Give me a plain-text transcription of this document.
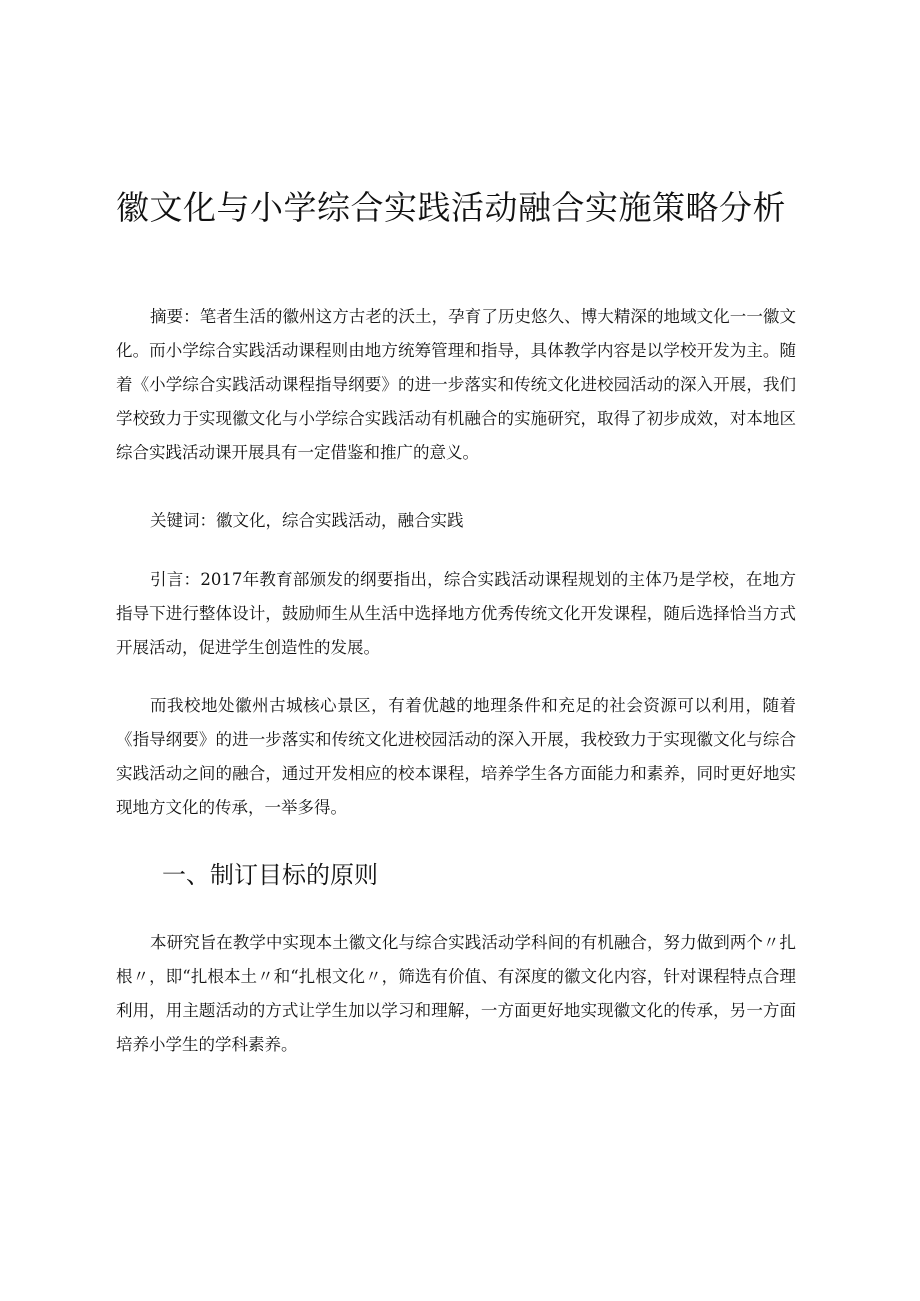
徽文化与小学综合实践活动融合实施策略分析

摘要：笔者生活的徽州这方古老的沃土，孕育了历史悠久、博大精深的地域文化一一徽文化。而小学综合实践活动课程则由地方统筹管理和指导，具体教学内容是以学校开发为主。随着《小学综合实践活动课程指导纲要》的进一步落实和传统文化进校园活动的深入开展，我们学校致力于实现徽文化与小学综合实践活动有机融合的实施研究，取得了初步成效，对本地区综合实践活动课开展具有一定借鉴和推广的意义。

关键词：徽文化，综合实践活动，融合实践

引言：2017年教育部颁发的纲要指出，综合实践活动课程规划的主体乃是学校，在地方指导下进行整体设计，鼓励师生从生活中选择地方优秀传统文化开发课程，随后选择恰当方式开展活动，促进学生创造性的发展。

而我校地处徽州古城核心景区，有着优越的地理条件和充足的社会资源可以利用，随着《指导纲要》的进一步落实和传统文化进校园活动的深入开展，我校致力于实现徽文化与综合实践活动之间的融合，通过开发相应的校本课程，培养学生各方面能力和素养，同时更好地实现地方文化的传承，一举多得。

一、制订目标的原则

本研究旨在教学中实现本土徽文化与综合实践活动学科间的有机融合，努力做到两个〃扎根〃，即“扎根本土〃和“扎根文化〃，筛选有价值、有深度的徽文化内容，针对课程特点合理利用，用主题活动的方式让学生加以学习和理解，一方面更好地实现徽文化的传承，另一方面培养小学生的学科素养。
